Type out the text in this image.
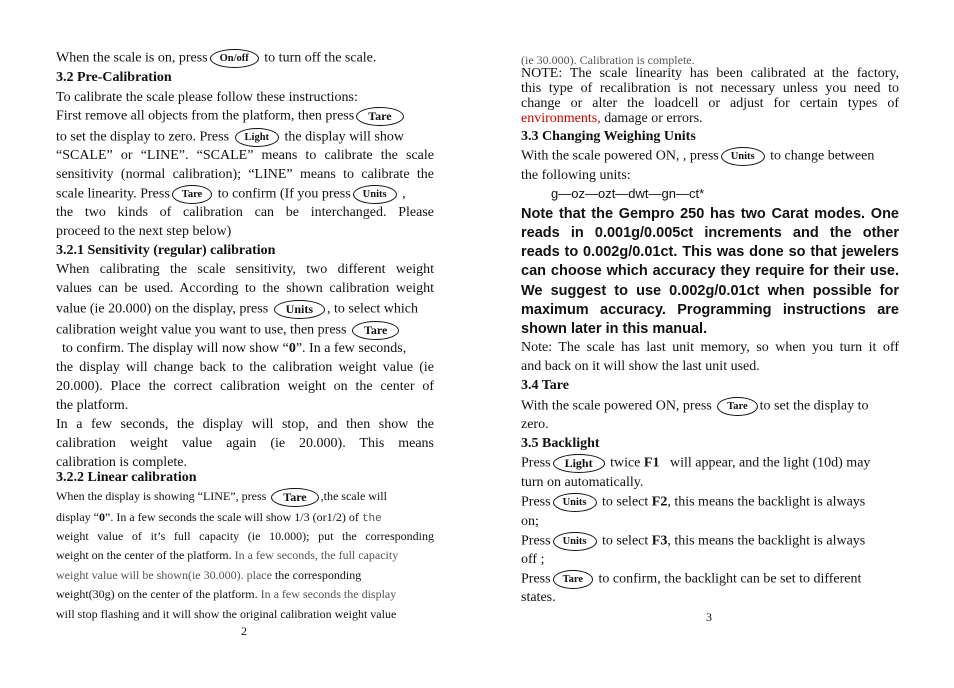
When the scale is on, press On/off to turn off the scale.
3.2 Pre-Calibration
To calibrate the scale please follow these instructions:
First remove all objects from the platform, then press Tare
to set the display to zero. Press Light the display will show
“SCALE” or “LINE”. “SCALE” means to calibrate the scale
sensitivity (normal calibration); “LINE” means to calibrate the
scale linearity. Press Tare to confirm (If you press Units ,
the two kinds of calibration can be interchanged. Please
proceed to the next step below)
3.2.1 Sensitivity (regular) calibration
When calibrating the scale sensitivity, two different weight
values can be used. According to the shown calibration weight
value (ie 20.000) on the display, press Units , to select which
calibration weight value you want to use, then press Tare
to confirm. The display will now show “0”. In a few seconds,
the display will change back to the calibration weight value (ie
20.000). Place the correct calibration weight on the center of
the platform.
In a few seconds, the display will stop, and then show the
calibration weight value again (ie 20.000). This means
calibration is complete.
3.2.2 Linear calibration
When the display is showing “LINE”, press Tare ,the scale will
display “0”. In a few seconds the scale will show 1/3 (or1/2) of the
weight value of it’s full capacity (ie 10.000); put the corresponding
weight on the center of the platform. In a few seconds, the full capacity
weight value will be shown(ie 30.000). place the corresponding
weight(30g) on the center of the platform. In a few seconds the display
will stop flashing and it will show the original calibration weight value
2
(ie 30.000). Calibration is complete.
NOTE: The scale linearity has been calibrated at the factory,
this type of recalibration is not necessary unless you need to
change or alter the loadcell or adjust for certain types of
environments, damage or errors.
3.3 Changing Weighing Units
With the scale powered ON, , press Units to change between
the following units:
g—oz—ozt—dwt—gn—ct*
Note that the Gempro 250 has two Carat modes. One
reads in 0.001g/0.005ct increments and the other
reads to 0.002g/0.01ct. This was done so that jewelers
can choose which accuracy they require for their use.
We suggest to use 0.002g/0.01ct when possible for
maximum accuracy. Programming instructions are
shown later in this manual.
Note: The scale has last unit memory, so when you turn it off
and back on it will show the last unit used.
3.4 Tare
With the scale powered ON, press Tare to set the display to
zero.
3.5 Backlight
Press Light twice F1 will appear, and the light (10d) may
turn on automatically.
Press Units to select F2, this means the backlight is always
on;
Press Units to select F3, this means the backlight is always
off ;
Press Tare to confirm, the backlight can be set to different
states.
3
